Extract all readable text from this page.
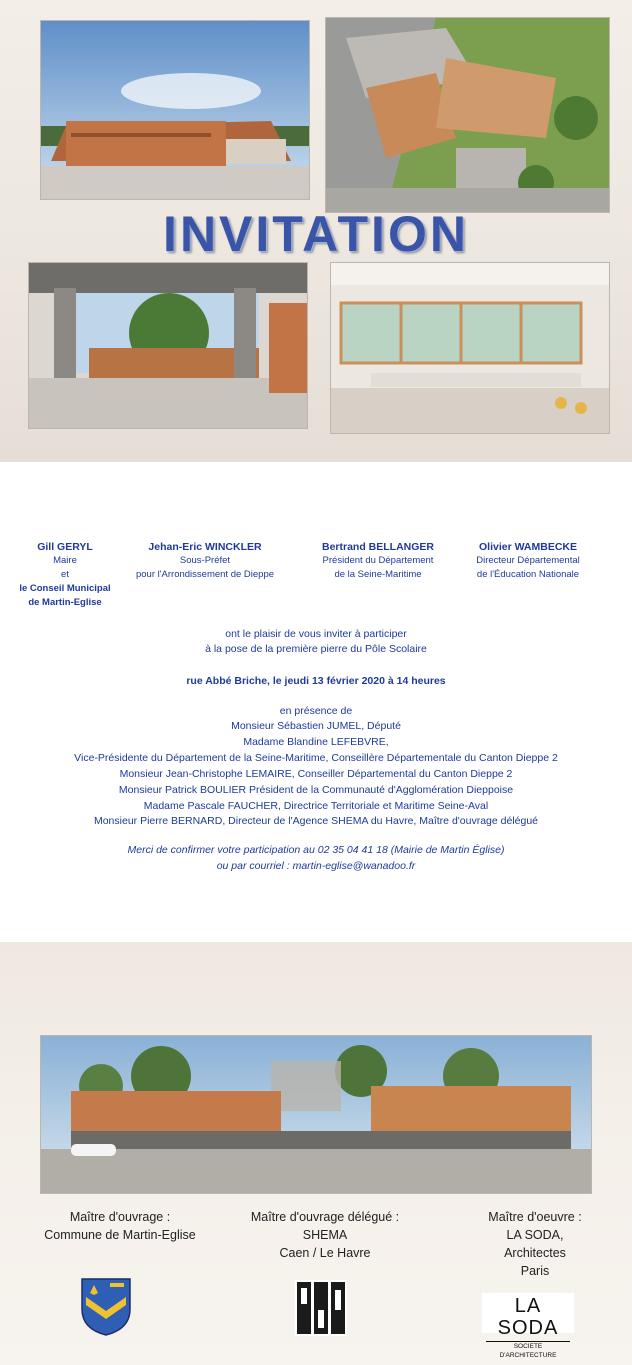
INVITATION
Gill GERYL
Maire
et
le Conseil Municipal
de Martin-Eglise
Jehan-Eric WINCKLER
Sous-Préfet
pour l'Arrondissement de Dieppe
Bertrand BELLANGER
Président du Département
de la Seine-Maritime
Olivier WAMBECKE
Directeur Départemental
de l'Éducation Nationale
ont le plaisir de vous inviter à participer
à la pose de la première pierre du Pôle Scolaire
rue Abbé Briche, le jeudi 13 février 2020 à 14 heures
en présence de
Monsieur Sébastien JUMEL, Député
Madame Blandine LEFEBVRE,
Vice-Présidente du Département de la Seine-Maritime, Conseillère Départementale du Canton Dieppe 2
Monsieur Jean-Christophe LEMAIRE, Conseiller Départemental du Canton Dieppe 2
Monsieur Patrick BOULIER Président de la Communauté d'Agglomération Dieppoise
Madame Pascale FAUCHER, Directrice Territoriale et Maritime Seine-Aval
Monsieur Pierre BERNARD, Directeur de l'Agence SHEMA du Havre, Maître d'ouvrage délégué
Merci de confirmer votre participation au 02 35 04 41 18 (Mairie de Martin Église)
ou par courriel : martin-eglise@wanadoo.fr
Maître d'ouvrage :
Commune de Martin-Eglise
Maître d'ouvrage délégué :
SHEMA
Caen / Le Havre
Maître d'oeuvre :
LA SODA,
Architectes
Paris
LA SODA
SOCIETE D'ARCHITECTURE
